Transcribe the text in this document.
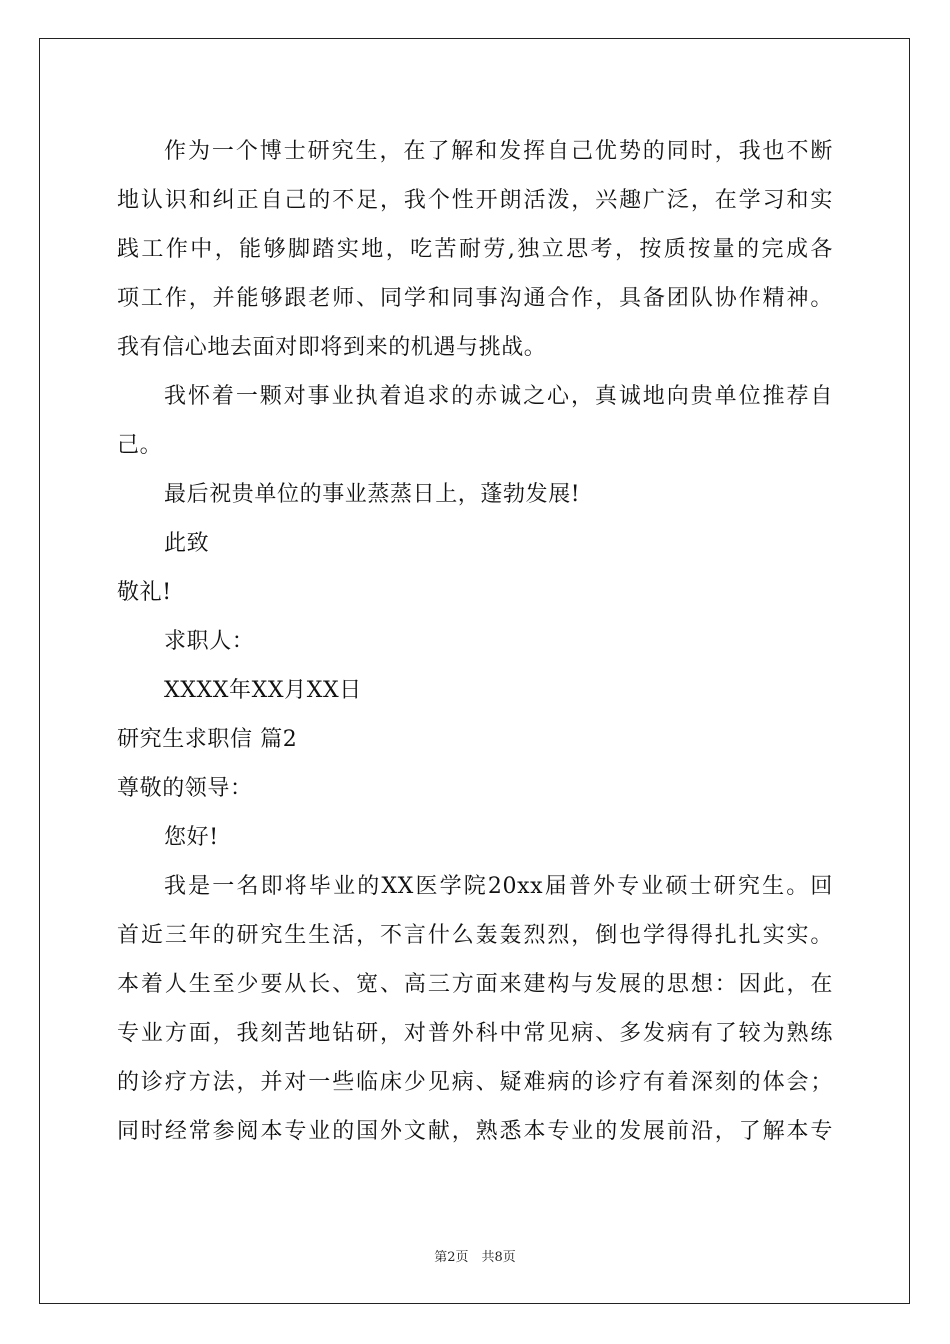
作为一个博士研究生，在了解和发挥自己优势的同时，我也不断
地认识和纠正自己的不足，我个性开朗活泼，兴趣广泛，在学习和实
践工作中，能够脚踏实地，吃苦耐劳,独立思考，按质按量的完成各
项工作，并能够跟老师、同学和同事沟通合作，具备团队协作精神。
我有信心地去面对即将到来的机遇与挑战。
我怀着一颗对事业执着追求的赤诚之心，真诚地向贵单位推荐自
己。
最后祝贵单位的事业蒸蒸日上，蓬勃发展!
此致
敬礼!
求职人：
XXXX年XX月XX日
研究生求职信 篇2
尊敬的领导：
您好!
我是一名即将毕业的XX医学院20xx届普外专业硕士研究生。回
首近三年的研究生生活，不言什么轰轰烈烈，倒也学得得扎扎实实。
本着人生至少要从长、宽、高三方面来建构与发展的思想：因此，在
专业方面，我刻苦地钻研，对普外科中常见病、多发病有了较为熟练
的诊疗方法，并对一些临床少见病、疑难病的诊疗有着深刻的体会；
同时经常参阅本专业的国外文献，熟悉本专业的发展前沿，了解本专
第2页　共8页
